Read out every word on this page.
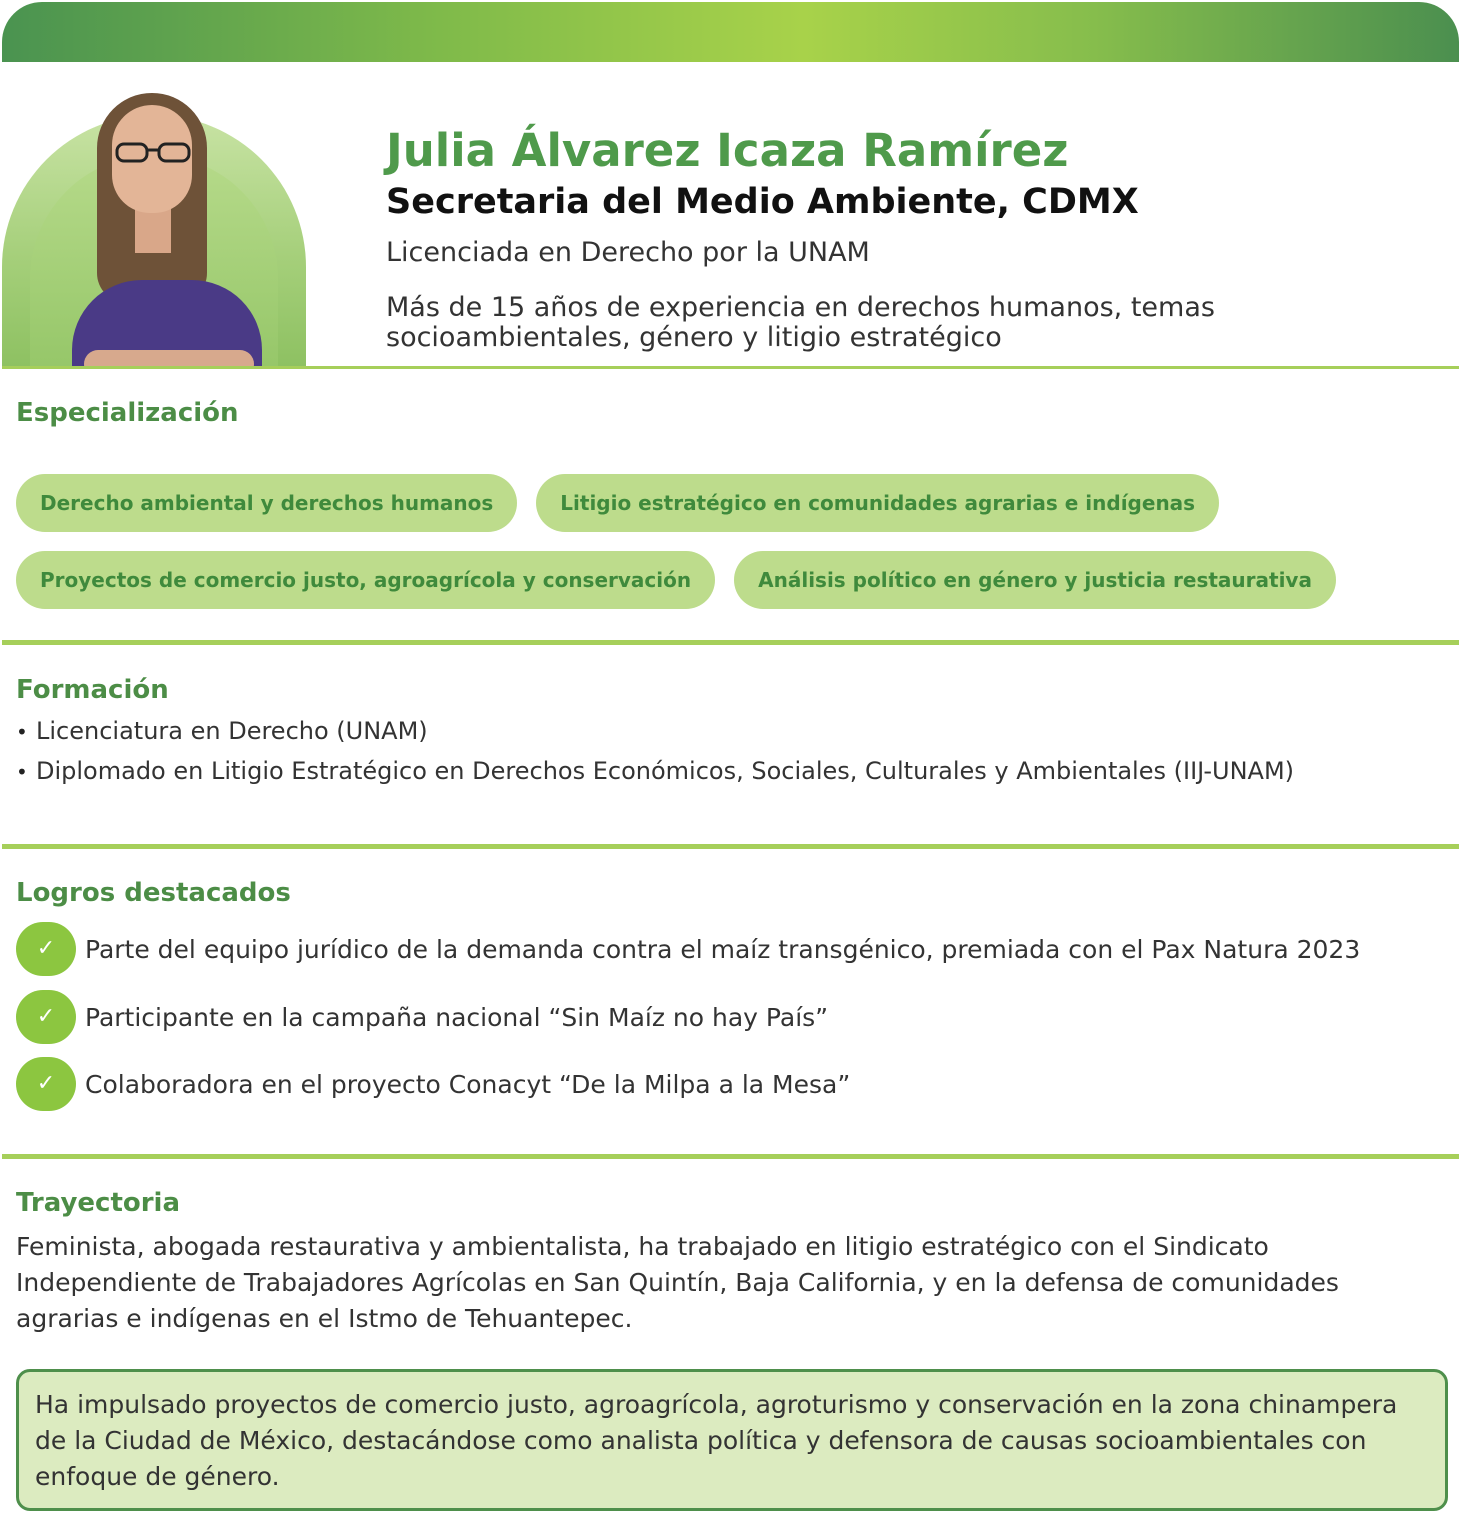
Julia Álvarez Icaza Ramírez
Secretaria del Medio Ambiente, CDMX

Licenciada en Derecho por la UNAM

Más de 15 años de experiencia en derechos humanos, temas socioambientales, género y litigio estratégico

Especialización
Derecho ambiental y derechos humanos	Litigio estratégico en comunidades agrarias e indígenas
Proyectos de comercio justo, agroagrícola y conservación	Análisis político en género y justicia restaurativa
Formación
• Licenciatura en Derecho (UNAM)
• Diplomado en Litigio Estratégico en Derechos Económicos, Sociales, Culturales y Ambientales (IIJ-UNAM)
Logros destacados
✓	Parte del equipo jurídico de la demanda contra el maíz transgénico, premiada con el Pax Natura 2023
✓	Participante en la campaña nacional “Sin Maíz no hay País”
✓	Colaboradora en el proyecto Conacyt “De la Milpa a la Mesa”
Trayectoria

Feminista, abogada restaurativa y ambientalista, ha trabajado en litigio estratégico con el Sindicato Independiente de Trabajadores Agrícolas en San Quintín, Baja California, y en la defensa de comunidades agrarias e indígenas en el Istmo de Tehuantepec.

Ha impulsado proyectos de comercio justo, agroagrícola, agroturismo y conservación en la zona chinampera de la Ciudad de México, destacándose como analista política y defensora de causas socioambientales con enfoque de género.
